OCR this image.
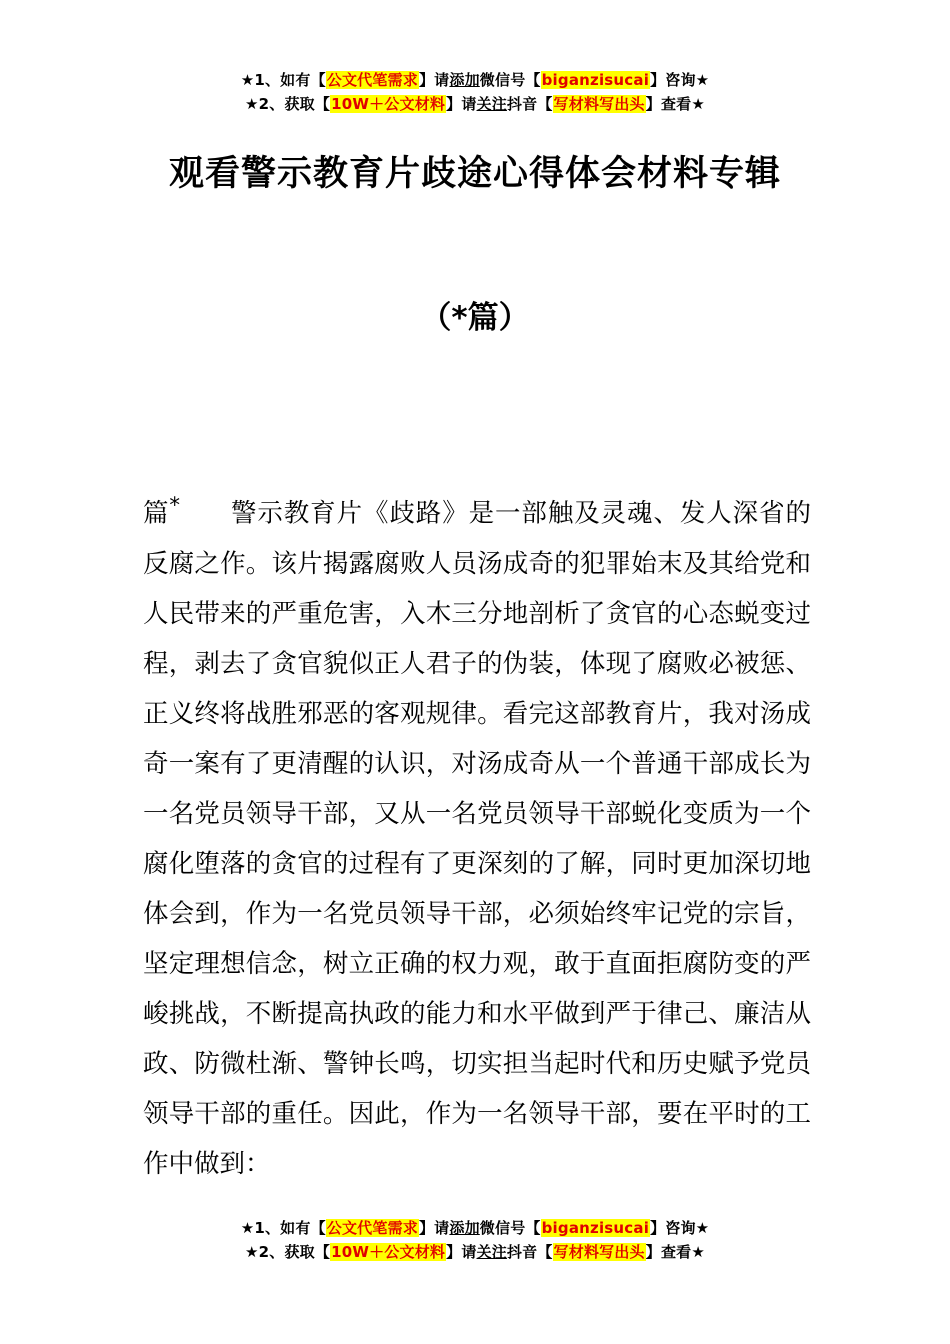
★1、如有【公文代笔需求】请添加微信号【biganzisucai】咨询★
★2、获取【10W＋公文材料】请关注抖音【写材料写出头】查看★
观看警示教育片歧途心得体会材料专辑
（*篇）

篇* 警示教育片《歧路》是一部触及灵魂、发人深省的反腐之作。该片揭露腐败人员汤成奇的犯罪始末及其给党和人民带来的严重危害，入木三分地剖析了贪官的心态蜕变过程，剥去了贪官貌似正人君子的伪装，体现了腐败必被惩、正义终将战胜邪恶的客观规律。看完这部教育片，我对汤成奇一案有了更清醒的认识，对汤成奇从一个普通干部成长为一名党员领导干部，又从一名党员领导干部蜕化变质为一个腐化堕落的贪官的过程有了更深刻的了解，同时更加深切地体会到，作为一名党员领导干部，必须始终牢记党的宗旨，坚定理想信念，树立正确的权力观，敢于直面拒腐防变的严峻挑战，不断提高执政的能力和水平做到严于律己、廉洁从政、防微杜渐、警钟长鸣，切实担当起时代和历史赋予党员领导干部的重任。因此，作为一名领导干部，要在平时的工作中做到：

★1、如有【公文代笔需求】请添加微信号【biganzisucai】咨询★
★2、获取【10W＋公文材料】请关注抖音【写材料写出头】查看★
